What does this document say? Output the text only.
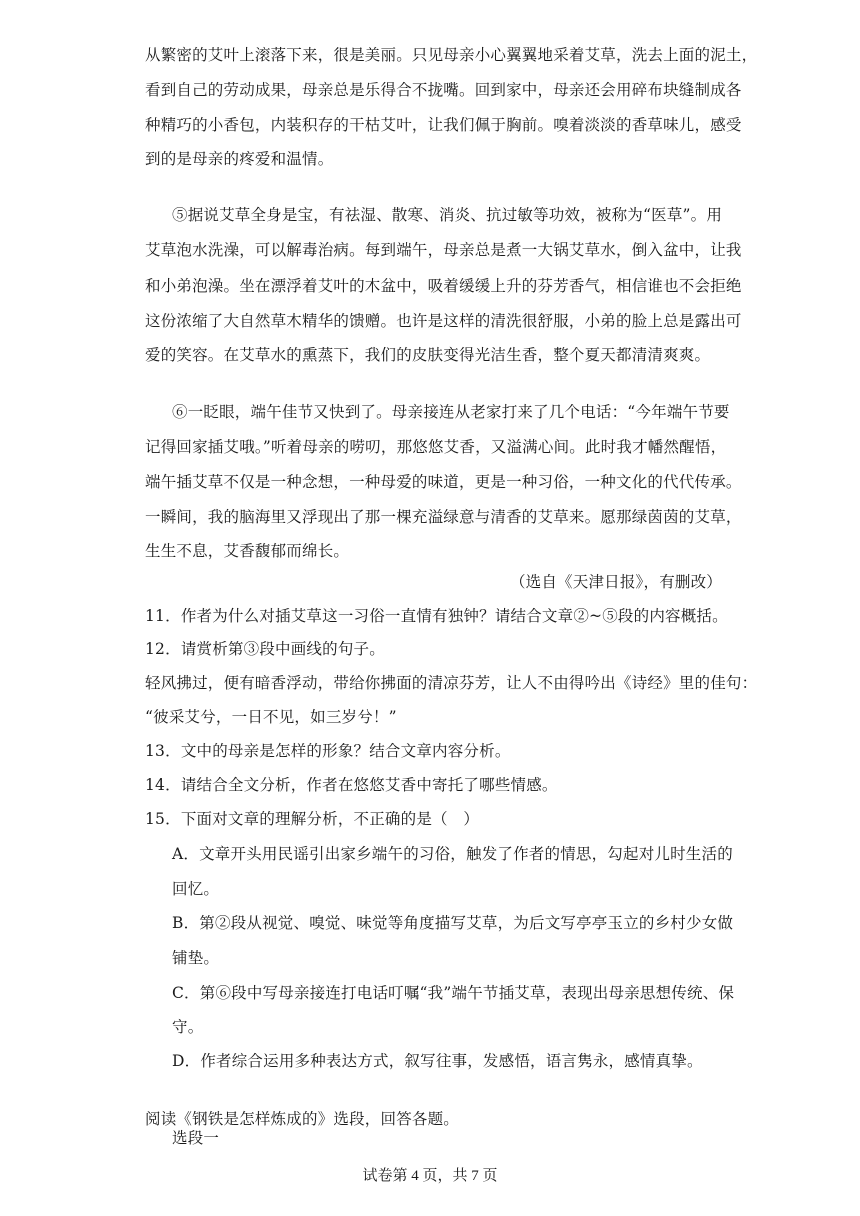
从繁密的艾叶上滚落下来，很是美丽。只见母亲小心翼翼地采着艾草，洗去上面的泥土，
看到自己的劳动成果，母亲总是乐得合不拢嘴。回到家中，母亲还会用碎布块缝制成各
种精巧的小香包，内装积存的干枯艾叶，让我们佩于胸前。嗅着淡淡的香草味儿，感受
到的是母亲的疼爱和温情。
⑤据说艾草全身是宝，有祛湿、散寒、消炎、抗过敏等功效，被称为“医草”。用
艾草泡水洗澡，可以解毒治病。每到端午，母亲总是煮一大锅艾草水，倒入盆中，让我
和小弟泡澡。坐在漂浮着艾叶的木盆中，吸着缓缓上升的芬芳香气，相信谁也不会拒绝
这份浓缩了大自然草木精华的馈赠。也许是这样的清洗很舒服，小弟的脸上总是露出可
爱的笑容。在艾草水的熏蒸下，我们的皮肤变得光洁生香，整个夏天都清清爽爽。
⑥一眨眼，端午佳节又快到了。母亲接连从老家打来了几个电话：“今年端午节要
记得回家插艾哦。”听着母亲的唠叨，那悠悠艾香，又溢满心间。此时我才幡然醒悟，
端午插艾草不仅是一种念想，一种母爱的味道，更是一种习俗，一种文化的代代传承。
一瞬间，我的脑海里又浮现出了那一棵充溢绿意与清香的艾草来。愿那绿茵茵的艾草，
生生不息，艾香馥郁而绵长。
（选自《天津日报》，有删改）
11．作者为什么对插艾草这一习俗一直情有独钟？请结合文章②~⑤段的内容概括。
12．请赏析第③段中画线的句子。
轻风拂过，便有暗香浮动，带给你拂面的清凉芬芳，让人不由得吟出《诗经》里的佳句：
“彼采艾兮，一日不见，如三岁兮！”
13．文中的母亲是怎样的形象？结合文章内容分析。
14．请结合全文分析，作者在悠悠艾香中寄托了哪些情感。
15．下面对文章的理解分析，不正确的是（　）
A．文章开头用民谣引出家乡端午的习俗，触发了作者的情思，勾起对儿时生活的
回忆。
B．第②段从视觉、嗅觉、味觉等角度描写艾草，为后文写亭亭玉立的乡村少女做
铺垫。
C．第⑥段中写母亲接连打电话叮嘱“我”端午节插艾草，表现出母亲思想传统、保
守。
D．作者综合运用多种表达方式，叙写往事，发感悟，语言隽永，感情真挚。
阅读《钢铁是怎样炼成的》选段，回答各题。
选段一
试卷第 4 页，共 7 页
